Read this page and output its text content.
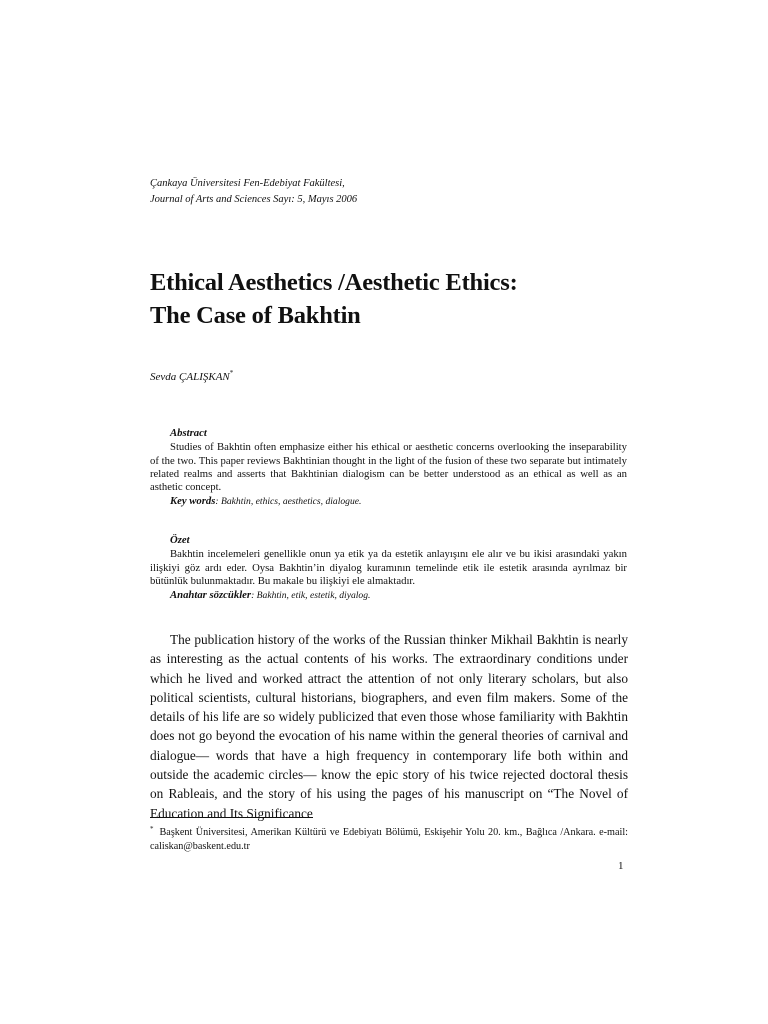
Çankaya Üniversitesi Fen-Edebiyat Fakültesi,
Journal of Arts and Sciences Sayı: 5, Mayıs 2006
Ethical Aesthetics /Aesthetic Ethics:
The Case of Bakhtin
Sevda ÇALIŞKAN*
Abstract

Studies of Bakhtin often emphasize either his ethical or aesthetic concerns overlooking the inseparability of the two. This paper reviews Bakhtinian thought in the light of the fusion of these two separate but intimately related realms and asserts that Bakhtinian dialogism can be better understood as an ethical as well as an asthetic concept.

Key words: Bakhtin, ethics, aesthetics, dialogue.
Özet

Bakhtin incelemeleri genellikle onun ya etik ya da estetik anlayışını ele alır ve bu ikisi arasındaki yakın ilişkiyi göz ardı eder. Oysa Bakhtin’in diyalog kuramının temelinde etik ile estetik arasında ayrılmaz bir bütünlük bulunmaktadır. Bu makale bu ilişkiyi ele almaktadır.

Anahtar sözcükler: Bakhtin, etik, estetik, diyalog.

The publication history of the works of the Russian thinker Mikhail Bakhtin is nearly as interesting as the actual contents of his works. The extraordinary conditions under which he lived and worked attract the attention of not only literary scholars, but also political scientists, cultural historians, biographers, and even film makers. Some of the details of his life are so widely publicized that even those whose familiarity with Bakhtin does not go beyond the evocation of his name within the general theories of carnival and dialogue— words that have a high frequency in contemporary life both within and outside the academic circles— know the epic story of his twice rejected doctoral thesis on Rableais, and the story of his using the pages of his manuscript on “The Novel of Education and Its Significance

* Başkent Üniversitesi, Amerikan Kültürü ve Edebiyatı Bölümü, Eskişehir Yolu 20. km., Bağlıca /Ankara. e-mail: caliskan@baskent.edu.tr
1
